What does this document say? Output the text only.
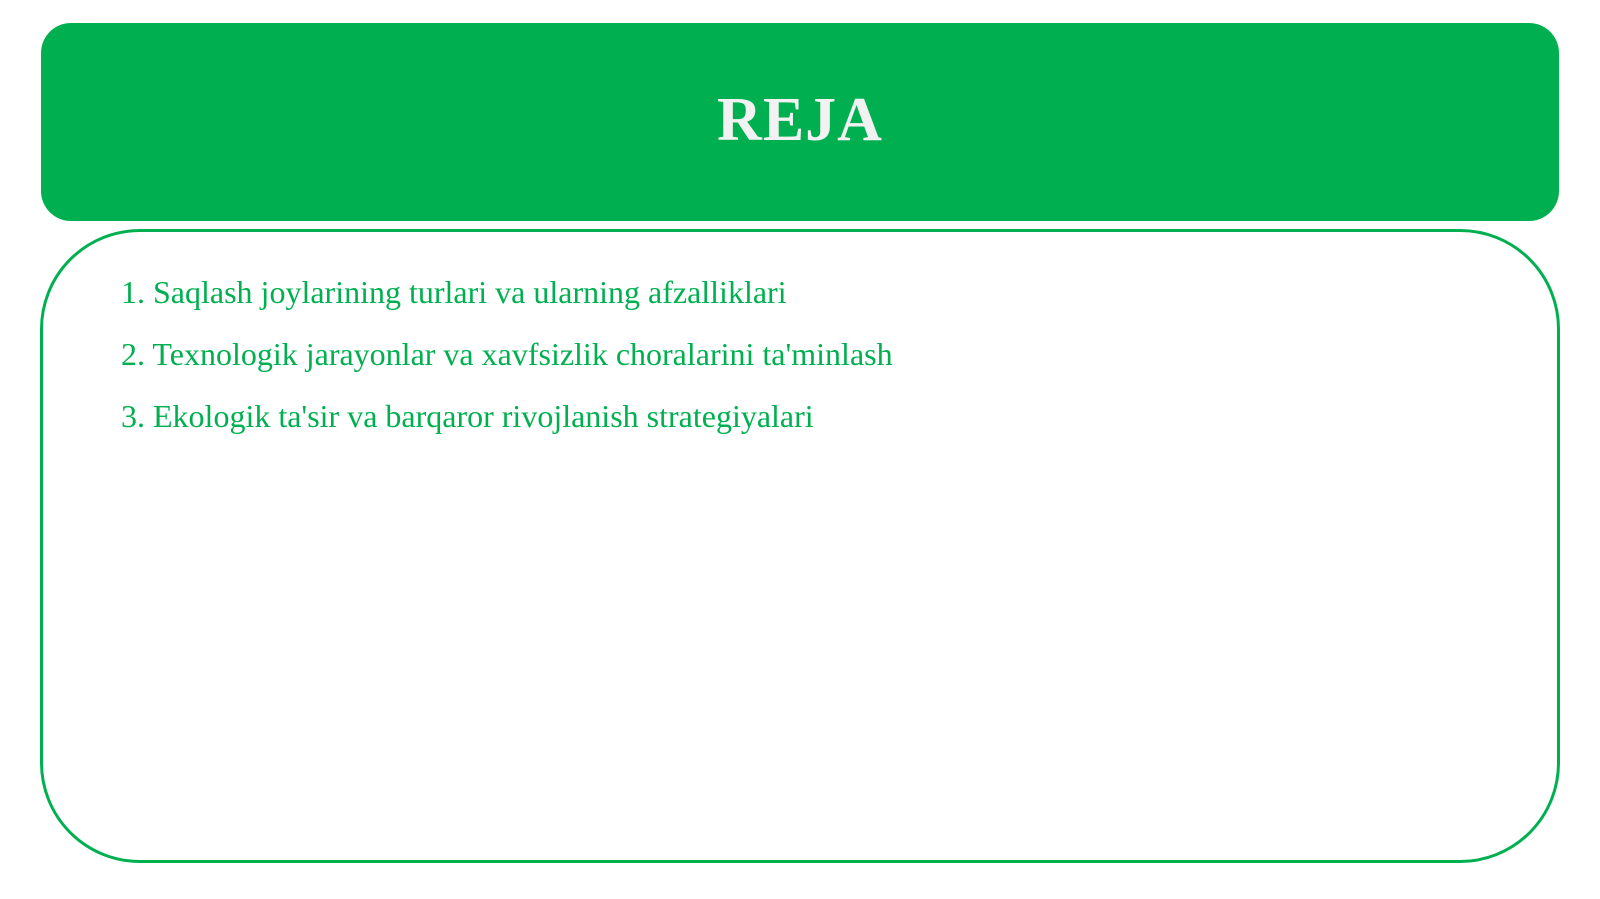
REJA
1. Saqlash joylarining turlari va ularning afzalliklari
2. Texnologik jarayonlar va xavfsizlik choralarini ta'minlash
3. Ekologik ta'sir va barqaror rivojlanish strategiyalari
